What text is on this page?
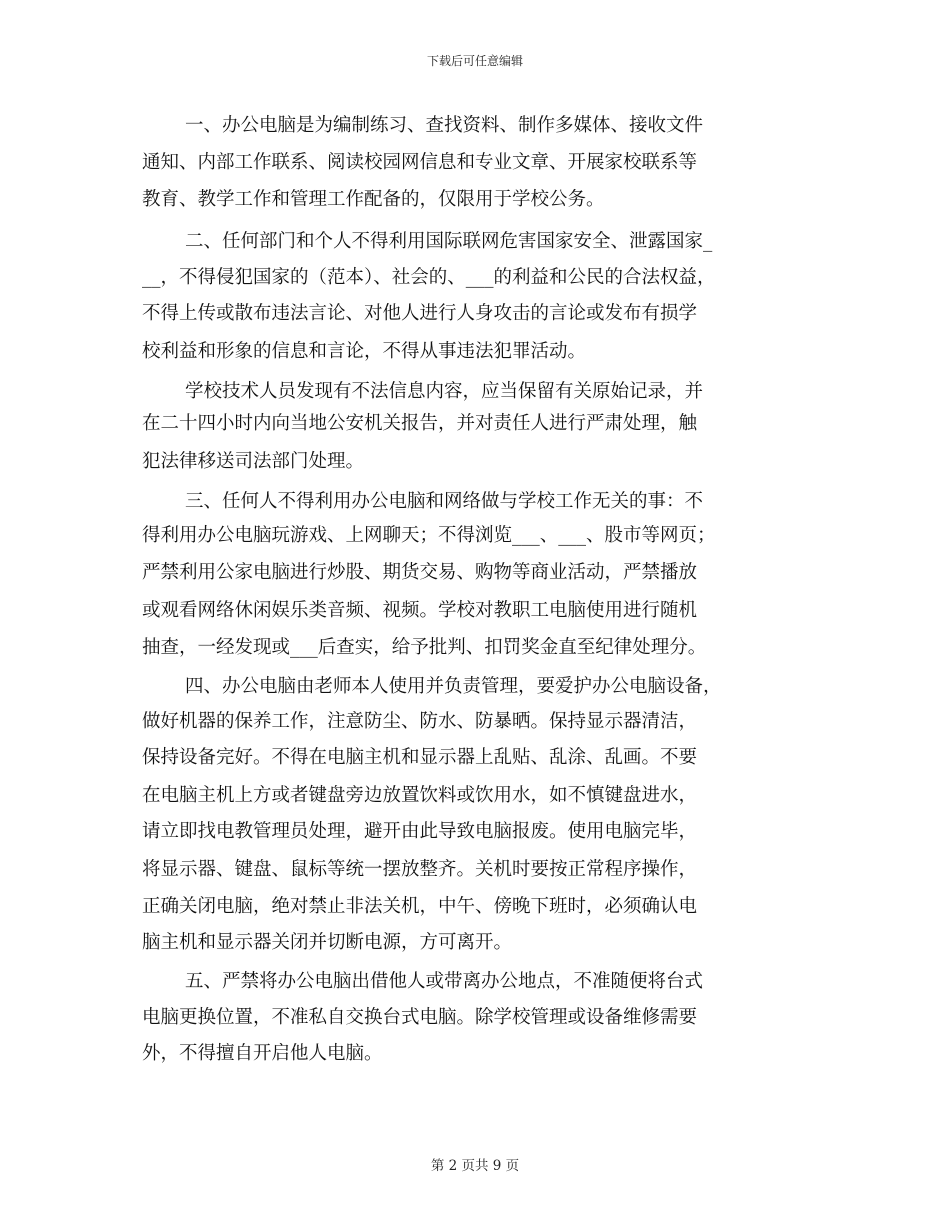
下载后可任意编辑
一、办公电脑是为编制练习、查找资料、制作多媒体、接收文件
通知、内部工作联系、阅读校园网信息和专业文章、开展家校联系等
教育、教学工作和管理工作配备的，仅限用于学校公务。
二、任何部门和个人不得利用国际联网危害国家安全、泄露国家_
__，不得侵犯国家的（范本）、社会的、___的利益和公民的合法权益，
不得上传或散布违法言论、对他人进行人身攻击的言论或发布有损学
校利益和形象的信息和言论，不得从事违法犯罪活动。
学校技术人员发现有不法信息内容，应当保留有关原始记录，并
在二十四小时内向当地公安机关报告，并对责任人进行严肃处理，触
犯法律移送司法部门处理。
三、任何人不得利用办公电脑和网络做与学校工作无关的事：不
得利用办公电脑玩游戏、上网聊天；不得浏览___、___、股市等网页；
严禁利用公家电脑进行炒股、期货交易、购物等商业活动，严禁播放
或观看网络休闲娱乐类音频、视频。学校对教职工电脑使用进行随机
抽查，一经发现或___后查实，给予批判、扣罚奖金直至纪律处理分。
四、办公电脑由老师本人使用并负责管理，要爱护办公电脑设备，
做好机器的保养工作，注意防尘、防水、防暴晒。保持显示器清洁，
保持设备完好。不得在电脑主机和显示器上乱贴、乱涂、乱画。不要
在电脑主机上方或者键盘旁边放置饮料或饮用水，如不慎键盘进水，
请立即找电教管理员处理，避开由此导致电脑报废。使用电脑完毕，
将显示器、键盘、鼠标等统一摆放整齐。关机时要按正常程序操作，
正确关闭电脑，绝对禁止非法关机，中午、傍晚下班时，必须确认电
脑主机和显示器关闭并切断电源，方可离开。
五、严禁将办公电脑出借他人或带离办公地点，不准随便将台式
电脑更换位置，不准私自交换台式电脑。除学校管理或设备维修需要
外，不得擅自开启他人电脑。
第 2 页共 9 页
